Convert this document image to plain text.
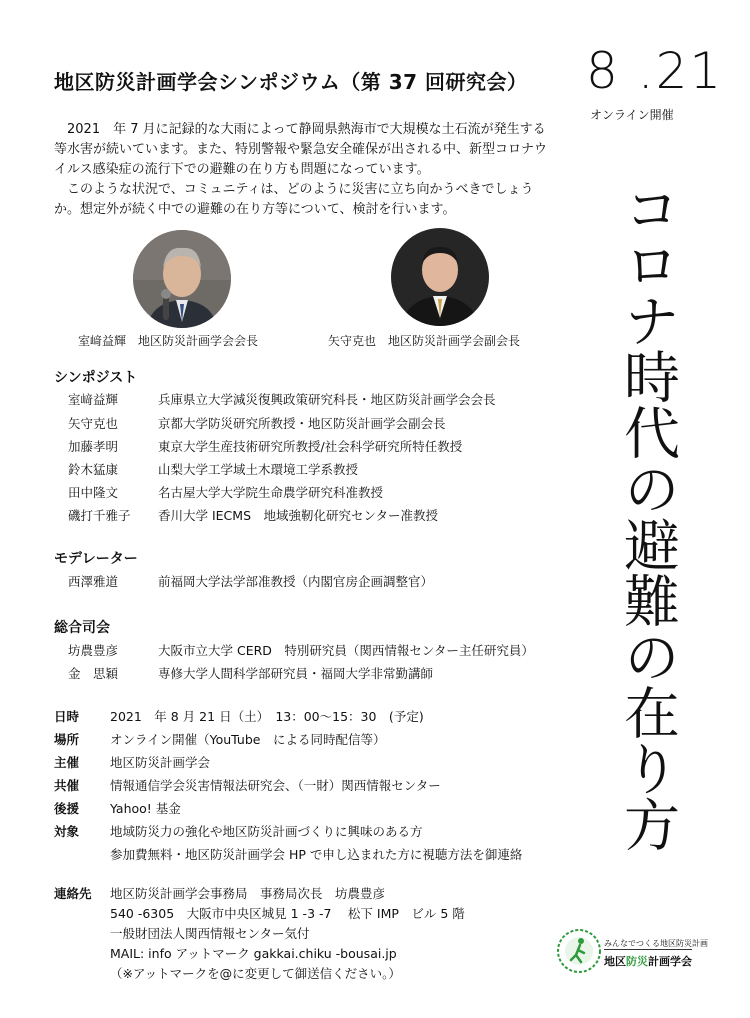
地区防災計画学会シンポジウム（第 37 回研究会） 8 .21
オンライン開催

2021　年 7 月に記録的な大雨によって静岡県熱海市で大規模な土石流が発生する等水害が続いています。また、特別警報や緊急安全確保が出される中、新型コロナウイルス感染症の流行下での避難の在り方も問題になっています。

このような状況で、コミュニティは、どのように災害に立ち向かうべきでしょうか。想定外が続く中での避難の在り方等について、検討を行います。	コロナ時代の避難の在り方
室﨑益輝　地区防災計画学会会長	矢守克也　地区防災計画学会副会長
シンポジスト
室﨑益輝	兵庫県立大学減災復興政策研究科長・地区防災計画学会会長
矢守克也	京都大学防災研究所教授・地区防災計画学会副会長
加藤孝明	東京大学生産技術研究所教授/社会科学研究所特任教授
鈴木猛康	山梨大学工学域土木環境工学系教授
田中隆文	名古屋大学大学院生命農学研究科准教授
磯打千雅子 香川大学 IECMS　地域強靭化研究センター准教授
モデレーター
西澤雅道	前福岡大学法学部准教授（内閣官房企画調整官）
総合司会
坊農豊彦	大阪市立大学 CERD　特別研究員（関西情報センター主任研究員）
金　思穎	専修大学人間科学部研究員・福岡大学非常勤講師
日時 2021　年 8 月 21 日（土）　13：00～15：30　(予定)
場所 オンライン開催（YouTube　による同時配信等）
主催 地区防災計画学会
共催 情報通信学会災害情報法研究会、（一財）関西情報センター
後援 Yahoo! 基金
対象 地域防災力の強化や地区防災計画づくりに興味のある方
参加費無料・地区防災計画学会 HP で申し込まれた方に視聴方法を御連絡
連絡先 地区防災計画学会事務局　事務局次長　坊農豊彦
540 -6305　大阪市中央区城見 1 -3 -7　 松下 IMP　ビル 5 階
一般財団法人関西情報センター気付
MAIL: info アットマーク gakkai.chiku -bousai.jp
（※アットマークを@に変更して御送信ください。）
みんなでつくる地区防災計画
地区防災計画学会
